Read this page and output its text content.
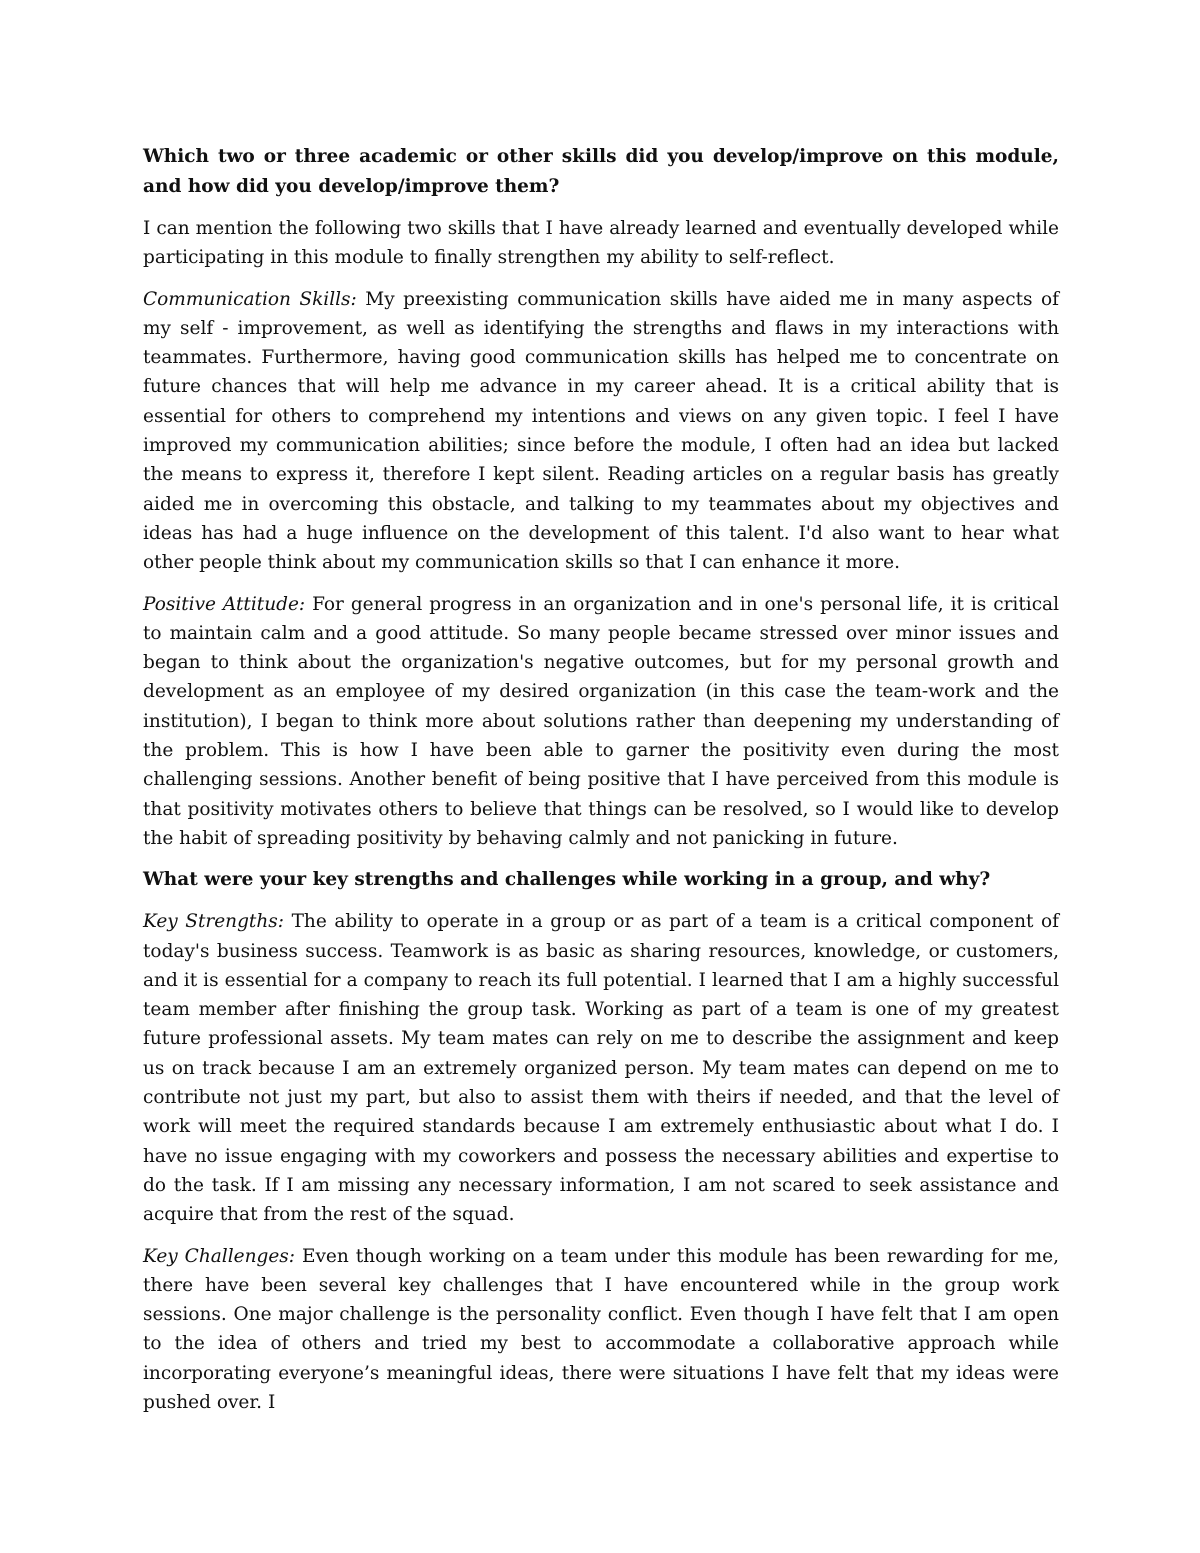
Which two or three academic or other skills did you develop/improve on this module, and how did you develop/improve them?

I can mention the following two skills that I have already learned and eventually developed while participating in this module to finally strengthen my ability to self-reflect.

Communication Skills: My preexisting communication skills have aided me in many aspects of my self - improvement, as well as identifying the strengths and flaws in my interactions with teammates. Furthermore, having good communication skills has helped me to concentrate on future chances that will help me advance in my career ahead. It is a critical ability that is essential for others to comprehend my intentions and views on any given topic. I feel I have improved my communication abilities; since before the module, I often had an idea but lacked the means to express it, therefore I kept silent. Reading articles on a regular basis has greatly aided me in overcoming this obstacle, and talking to my teammates about my objectives and ideas has had a huge influence on the development of this talent. I'd also want to hear what other people think about my communication skills so that I can enhance it more.

Positive Attitude: For general progress in an organization and in one's personal life, it is critical to maintain calm and a good attitude. So many people became stressed over minor issues and began to think about the organization's negative outcomes, but for my personal growth and development as an employee of my desired organization (in this case the team-work and the institution), I began to think more about solutions rather than deepening my understanding of the problem. This is how I have been able to garner the positivity even during the most challenging sessions. Another benefit of being positive that I have perceived from this module is that positivity motivates others to believe that things can be resolved, so I would like to develop the habit of spreading positivity by behaving calmly and not panicking in future.

What were your key strengths and challenges while working in a group, and why?

Key Strengths: The ability to operate in a group or as part of a team is a critical component of today's business success. Teamwork is as basic as sharing resources, knowledge, or customers, and it is essential for a company to reach its full potential. I learned that I am a highly successful team member after finishing the group task. Working as part of a team is one of my greatest future professional assets. My team mates can rely on me to describe the assignment and keep us on track because I am an extremely organized person. My team mates can depend on me to contribute not just my part, but also to assist them with theirs if needed, and that the level of work will meet the required standards because I am extremely enthusiastic about what I do. I have no issue engaging with my coworkers and possess the necessary abilities and expertise to do the task. If I am missing any necessary information, I am not scared to seek assistance and acquire that from the rest of the squad.

Key Challenges: Even though working on a team under this module has been rewarding for me, there have been several key challenges that I have encountered while in the group work sessions. One major challenge is the personality conflict. Even though I have felt that I am open to the idea of others and tried my best to accommodate a collaborative approach while incorporating everyone’s meaningful ideas, there were situations I have felt that my ideas were pushed over. I
